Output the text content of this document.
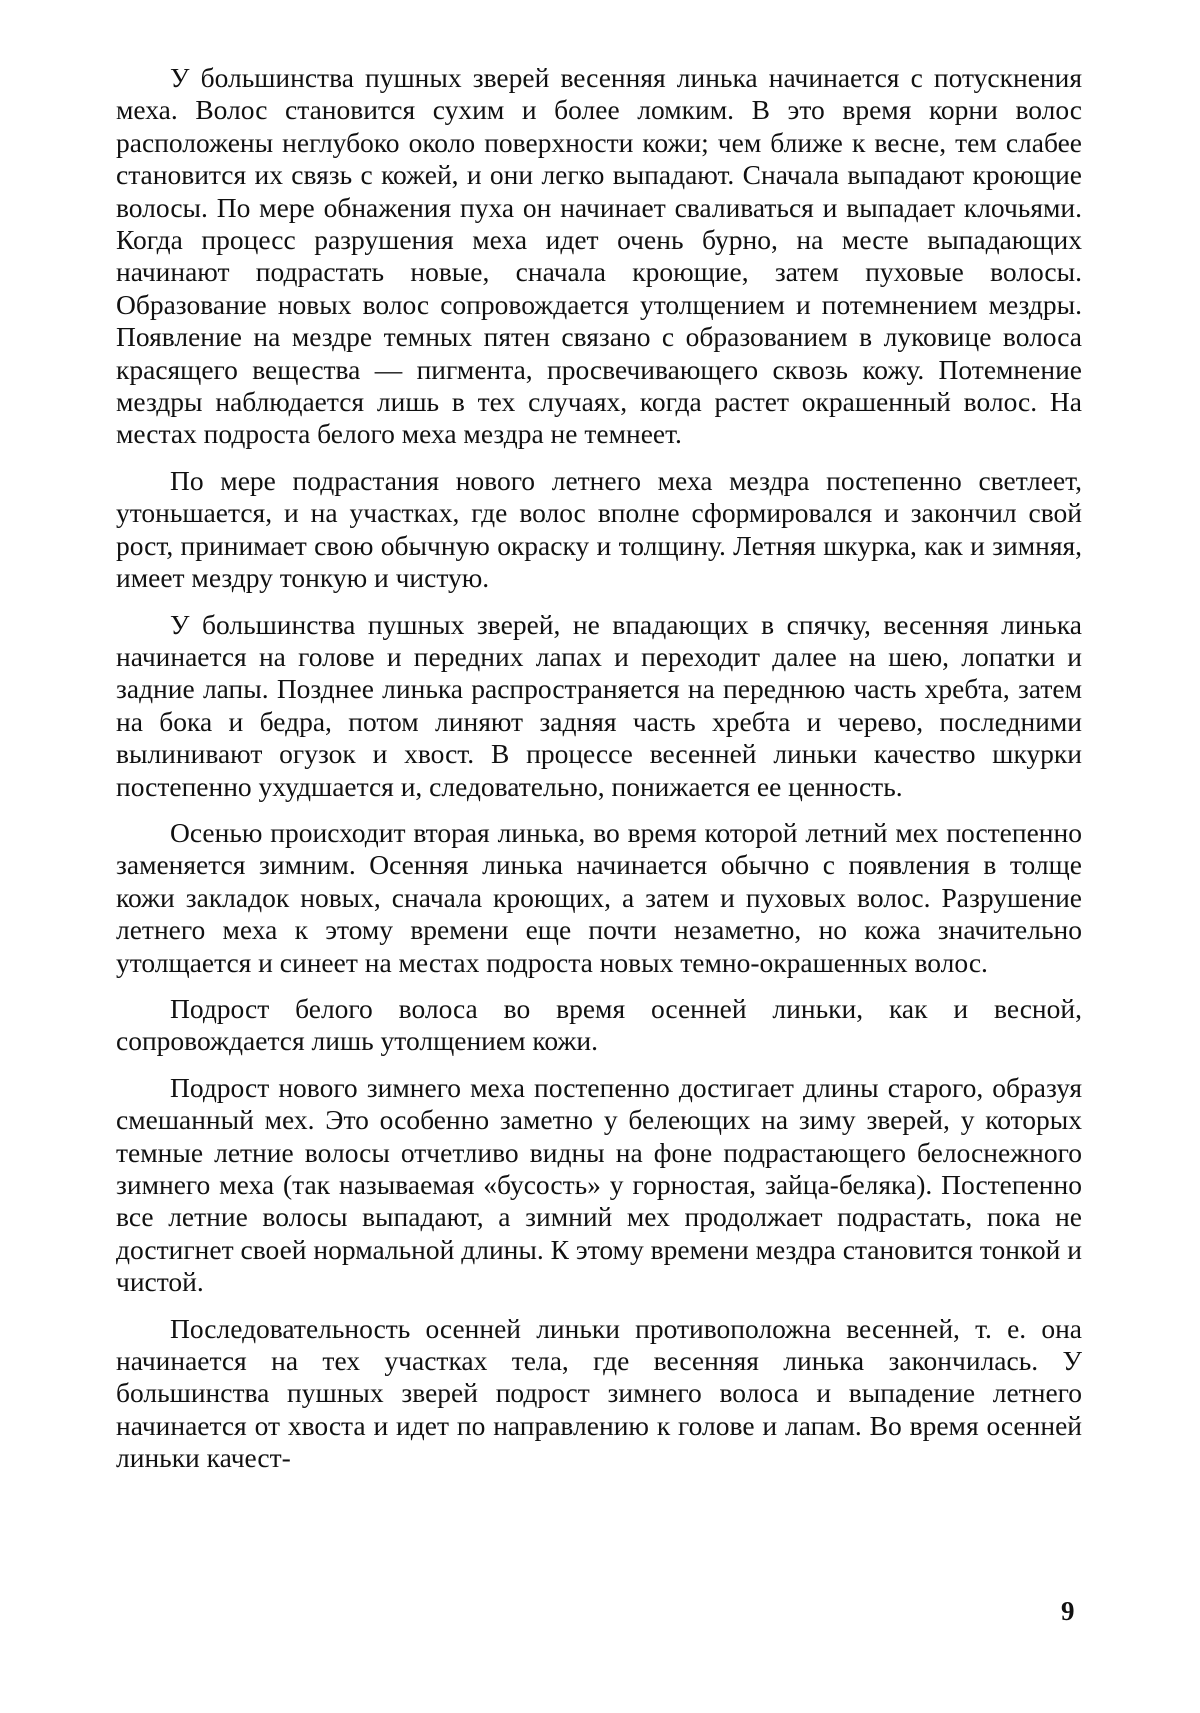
У большинства пушных зверей весенняя линька начинается с потускнения меха. Волос становится сухим и более ломким. В это время корни волос расположены неглубоко около поверхности кожи; чем ближе к весне, тем слабее становится их связь с кожей, и они легко выпадают. Сначала выпадают кроющие волосы. По мере обнажения пуха он начинает сваливаться и выпадает клочьями. Когда процесс разрушения меха идет очень бурно, на месте выпадающих начинают подрастать новые, сначала кроющие, затем пуховые волосы. Образование новых волос сопровождается утолщением и потемнением мездры. Появление на мездре темных пятен связано с образованием в луковице волоса красящего вещества — пигмента, просвечивающего сквозь кожу. Потемнение мездры наблюдается лишь в тех случаях, когда растет окрашенный волос. На местах подроста белого меха мездра не темнеет.

По мере подрастания нового летнего меха мездра постепенно светлеет, утоньшается, и на участках, где волос вполне сформировался и закончил свой рост, принимает свою обычную окраску и толщину. Летняя шкурка, как и зимняя, имеет мездру тонкую и чистую.

У большинства пушных зверей, не впадающих в спячку, весенняя линька начинается на голове и передних лапах и переходит далее на шею, лопатки и задние лапы. Позднее линька распространяется на переднюю часть хребта, затем на бока и бедра, потом линяют задняя часть хребта и черево, последними вылинивают огузок и хвост. В процессе весенней линьки качество шкурки постепенно ухудшается и, следовательно, понижается ее ценность.

Осенью происходит вторая линька, во время которой летний мех постепенно заменяется зимним. Осенняя линька начинается обычно с появления в толще кожи закладок новых, сначала кроющих, а затем и пуховых волос. Разрушение летнего меха к этому времени еще почти незаметно, но кожа значительно утолщается и синеет на местах подроста новых темно-окрашенных волос.

Подрост белого волоса во время осенней линьки, как и весной, сопровождается лишь утолщением кожи.

Подрост нового зимнего меха постепенно достигает длины старого, образуя смешанный мех. Это особенно заметно у белеющих на зиму зверей, у которых темные летние волосы отчетливо видны на фоне подрастающего белоснежного зимнего меха (так называемая «бусость» у горностая, зайца-беляка). Постепенно все летние волосы выпадают, а зимний мех продолжает подрастать, пока не достигнет своей нормальной длины. К этому времени мездра становится тонкой и чистой.

Последовательность осенней линьки противоположна весенней, т. е. она начинается на тех участках тела, где весенняя линька закончилась. У большинства пушных зверей подрост зимнего волоса и выпадение летнего начинается от хвоста и идет по направлению к голове и лапам. Во время осенней линьки качест-

9
